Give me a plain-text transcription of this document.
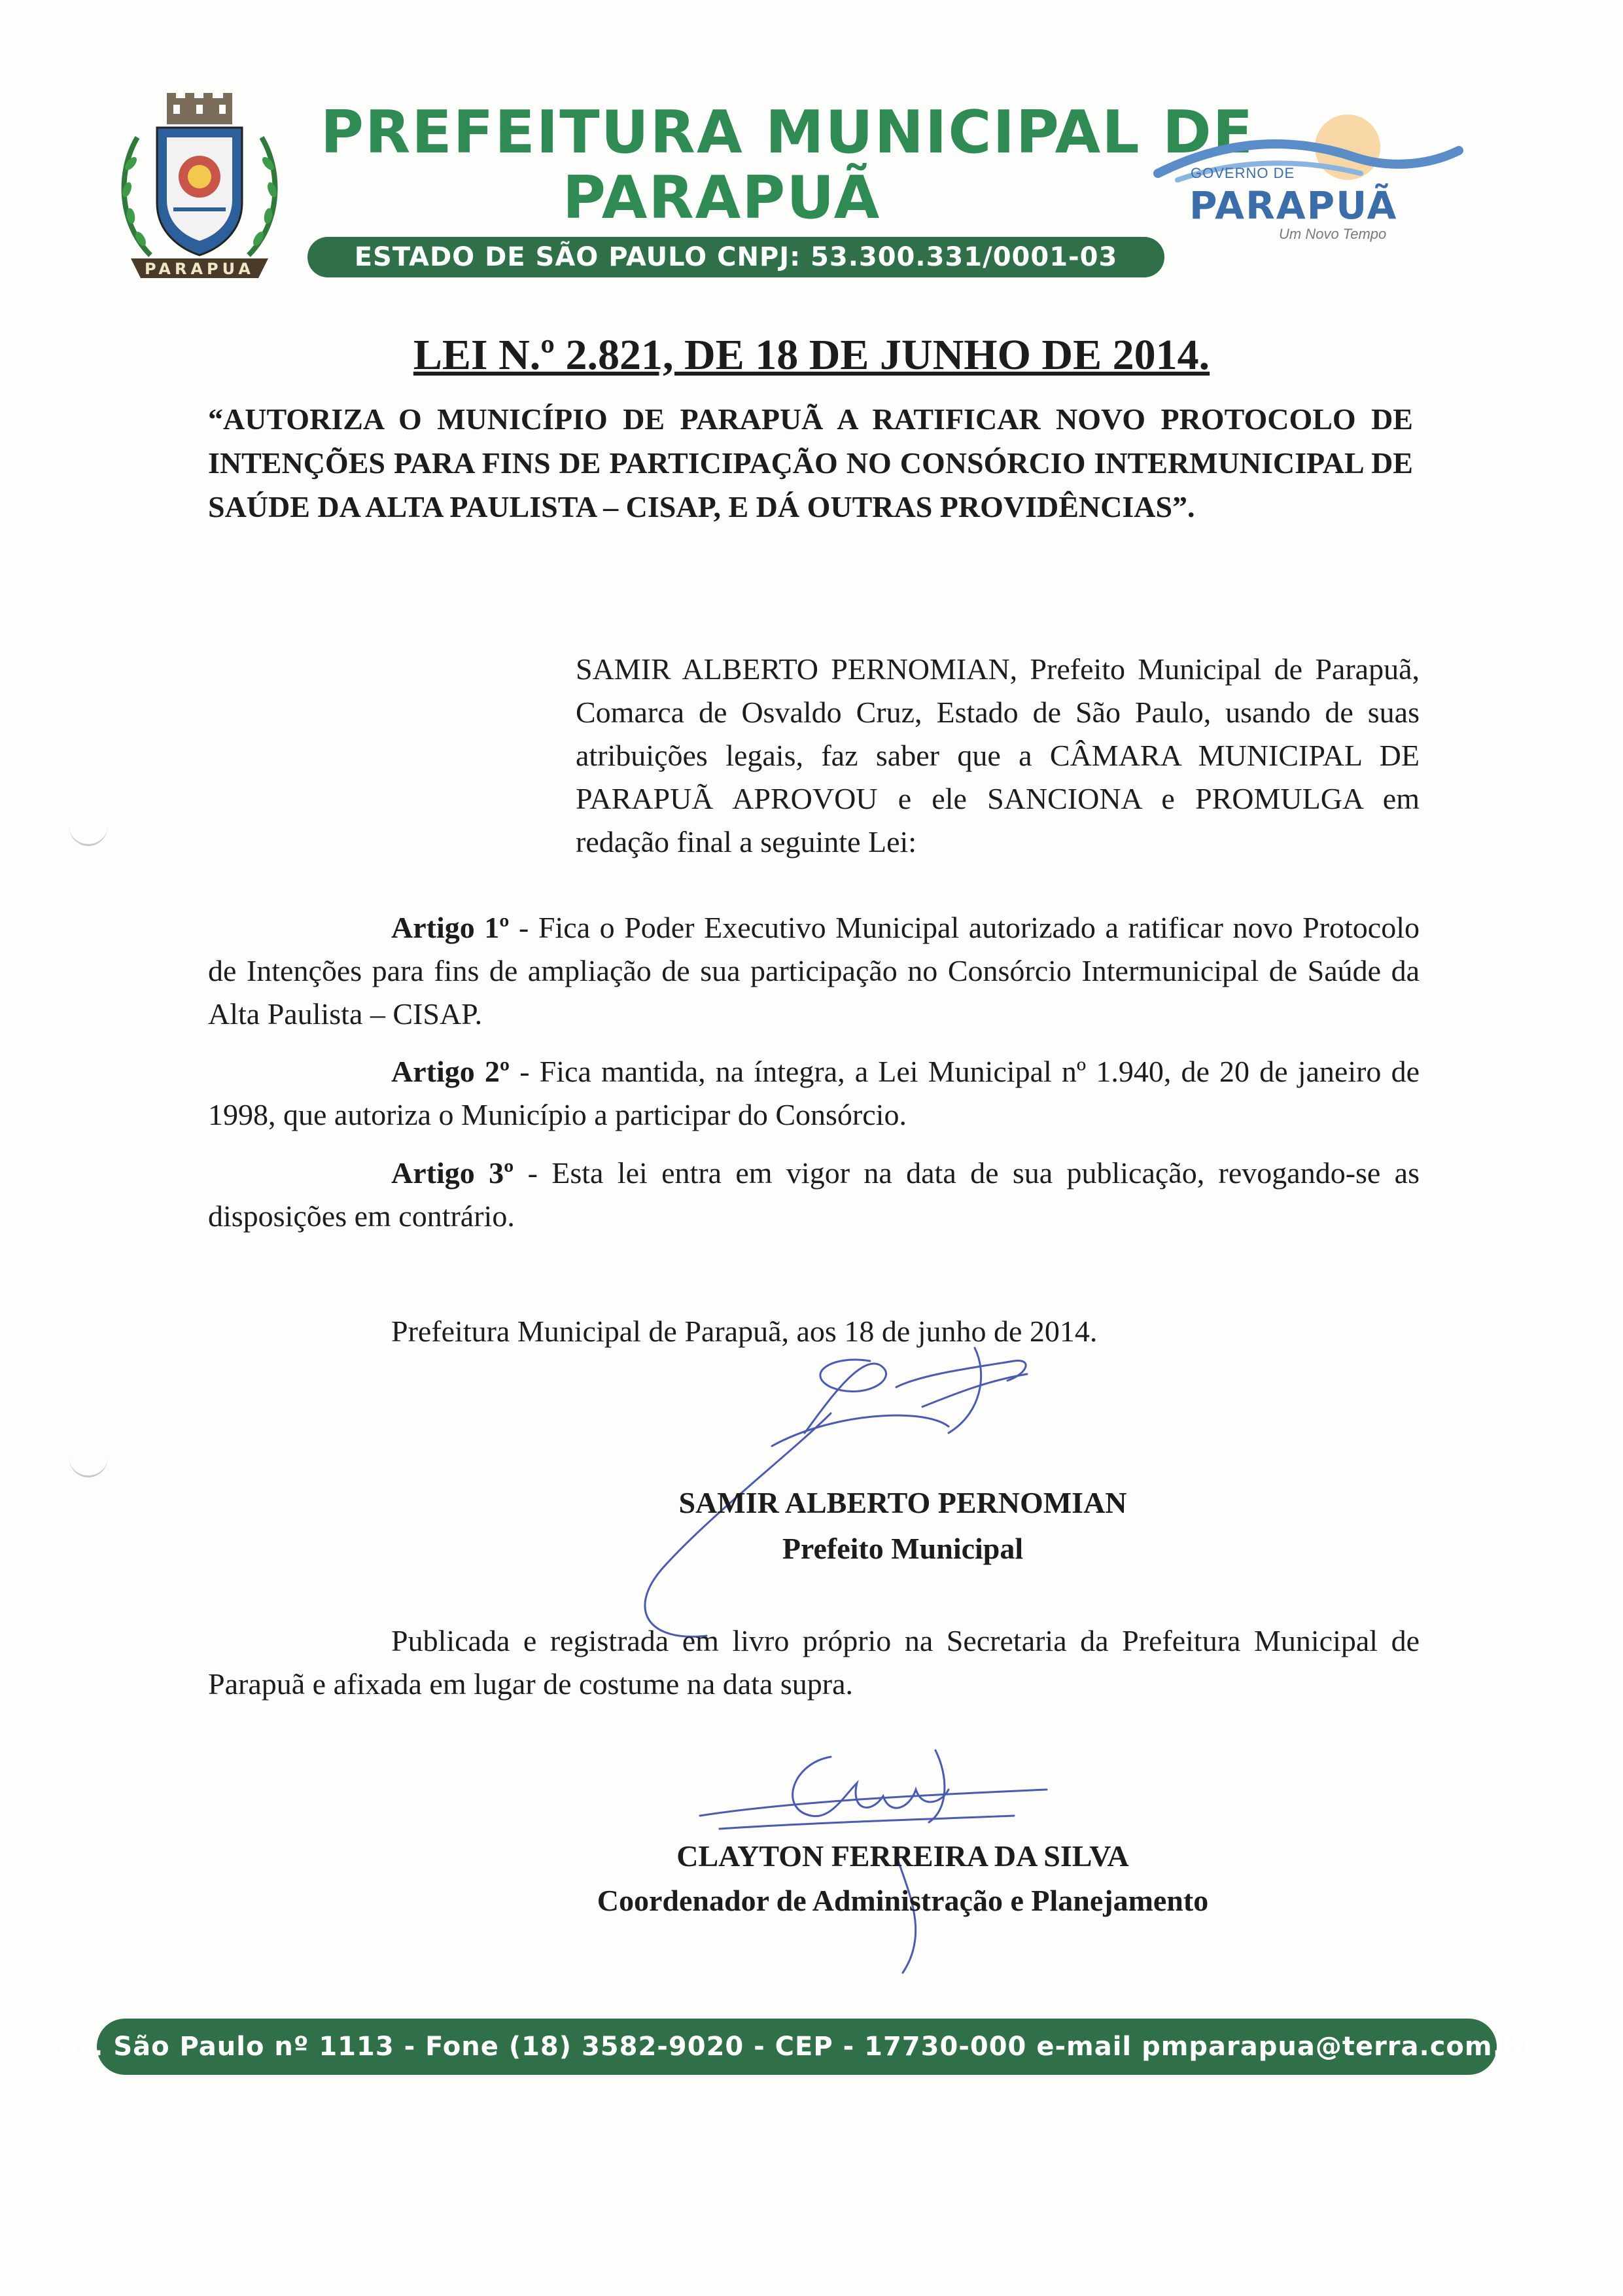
PARAPUA
PREFEITURA MUNICIPAL DE
PARAPUÃ
ESTADO DE SÃO PAULO CNPJ: 53.300.331/0001-03
GOVERNO DE
PARAPUÃ
Um Novo Tempo
LEI N.º 2.821, DE 18 DE JUNHO DE 2014.
“AUTORIZA O MUNICÍPIO DE PARAPUÃ A RATIFICAR NOVO PROTOCOLO DE INTENÇÕES PARA FINS DE PARTICIPAÇÃO NO CONSÓRCIO INTERMUNICIPAL DE SAÚDE DA ALTA PAULISTA – CISAP, E DÁ OUTRAS PROVIDÊNCIAS”.
SAMIR ALBERTO PERNOMIAN, Prefeito Municipal de Parapuã, Comarca de Osvaldo Cruz, Estado de São Paulo, usando de suas atribuições legais, faz saber que a CÂMARA MUNICIPAL DE PARAPUÃ APROVOU e ele SANCIONA e PROMULGA em redação final a seguinte Lei:
Artigo 1º - Fica o Poder Executivo Municipal autorizado a ratificar novo Protocolo de Intenções para fins de ampliação de sua participação no Consórcio Intermunicipal de Saúde da Alta Paulista – CISAP.
Artigo 2º - Fica mantida, na íntegra, a Lei Municipal nº 1.940, de 20 de janeiro de 1998, que autoriza o Município a participar do Consórcio.
Artigo 3º - Esta lei entra em vigor na data de sua publicação, revogando-se as disposições em contrário.
Prefeitura Municipal de Parapuã, aos 18 de junho de 2014.
SAMIR ALBERTO PERNOMIAN
Prefeito Municipal
Publicada e registrada em livro próprio na Secretaria da Prefeitura Municipal de Parapuã e afixada em lugar de costume na data supra.
CLAYTON FERREIRA DA SILVA
Coordenador de Administração e Planejamento
Av. São Paulo nº 1113 - Fone (18) 3582-9020 - CEP - 17730-000 e-mail pmparapua@terra.com.br
